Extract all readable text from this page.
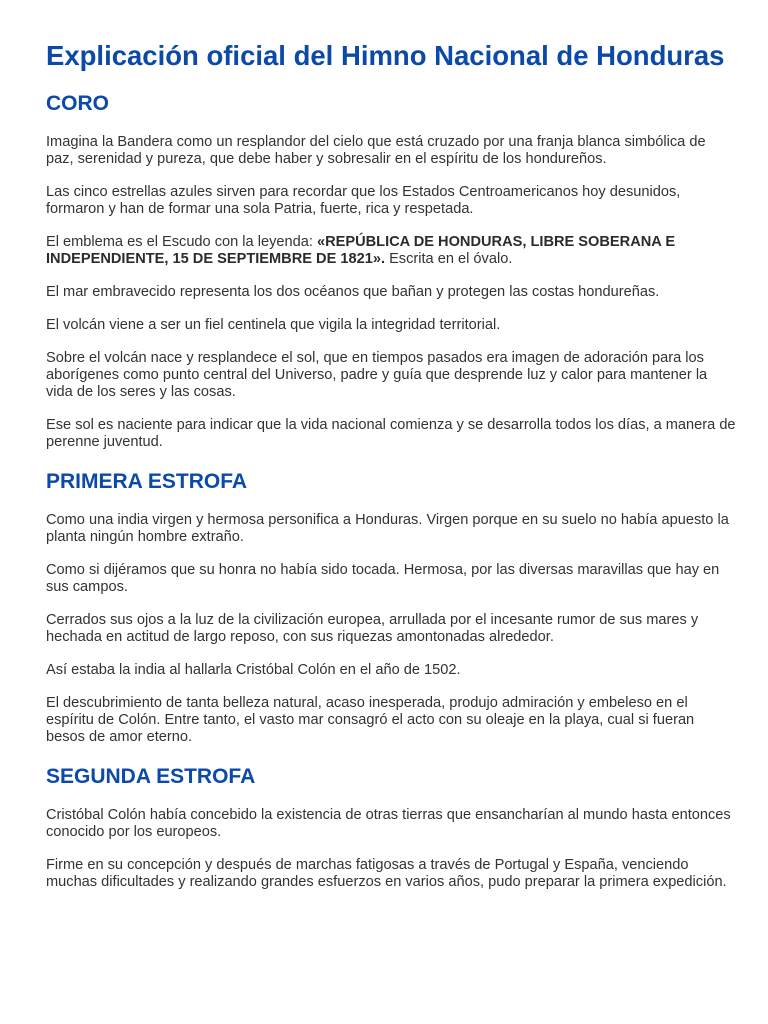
Explicación oficial del Himno Nacional de Honduras
CORO

Imagina la Bandera como un resplandor del cielo que está cruzado por una franja blanca simbólica de paz, serenidad y pureza, que debe haber y sobresalir en el espíritu de los hondureños.

Las cinco estrellas azules sirven para recordar que los Estados Centroamericanos hoy desunidos, formaron y han de formar una sola Patria, fuerte, rica y respetada.

El emblema es el Escudo con la leyenda: «REPÚBLICA DE HONDURAS, LIBRE SOBERANA E INDEPENDIENTE, 15 DE SEPTIEMBRE DE 1821». Escrita en el óvalo.

El mar embravecido representa los dos océanos que bañan y protegen las costas hondureñas.

El volcán viene a ser un fiel centinela que vigila la integridad territorial.

Sobre el volcán nace y resplandece el sol, que en tiempos pasados era imagen de adoración para los aborígenes como punto central del Universo, padre y guía que desprende luz y calor para mantener la vida de los seres y las cosas.

Ese sol es naciente para indicar que la vida nacional comienza y se desarrolla todos los días, a manera de perenne juventud.

PRIMERA ESTROFA

Como una india virgen y hermosa personifica a Honduras. Virgen porque en su suelo no había apuesto la planta ningún hombre extraño.

Como si dijéramos que su honra no había sido tocada. Hermosa, por las diversas maravillas que hay en sus campos.

Cerrados sus ojos a la luz de la civilización europea, arrullada por el incesante rumor de sus mares y hechada en actitud de largo reposo, con sus riquezas amontonadas alrededor.

Así estaba la india al hallarla Cristóbal Colón en el año de 1502.

El descubrimiento de tanta belleza natural, acaso inesperada, produjo admiración y embeleso en el espíritu de Colón. Entre tanto, el vasto mar consagró el acto con su oleaje en la playa, cual si fueran besos de amor eterno.

SEGUNDA ESTROFA

Cristóbal Colón había concebido la existencia de otras tierras que ensancharían al mundo hasta entonces conocido por los europeos.

Firme en su concepción y después de marchas fatigosas a través de Portugal y España, venciendo muchas dificultades y realizando grandes esfuerzos en varios años, pudo preparar la primera expedición.
